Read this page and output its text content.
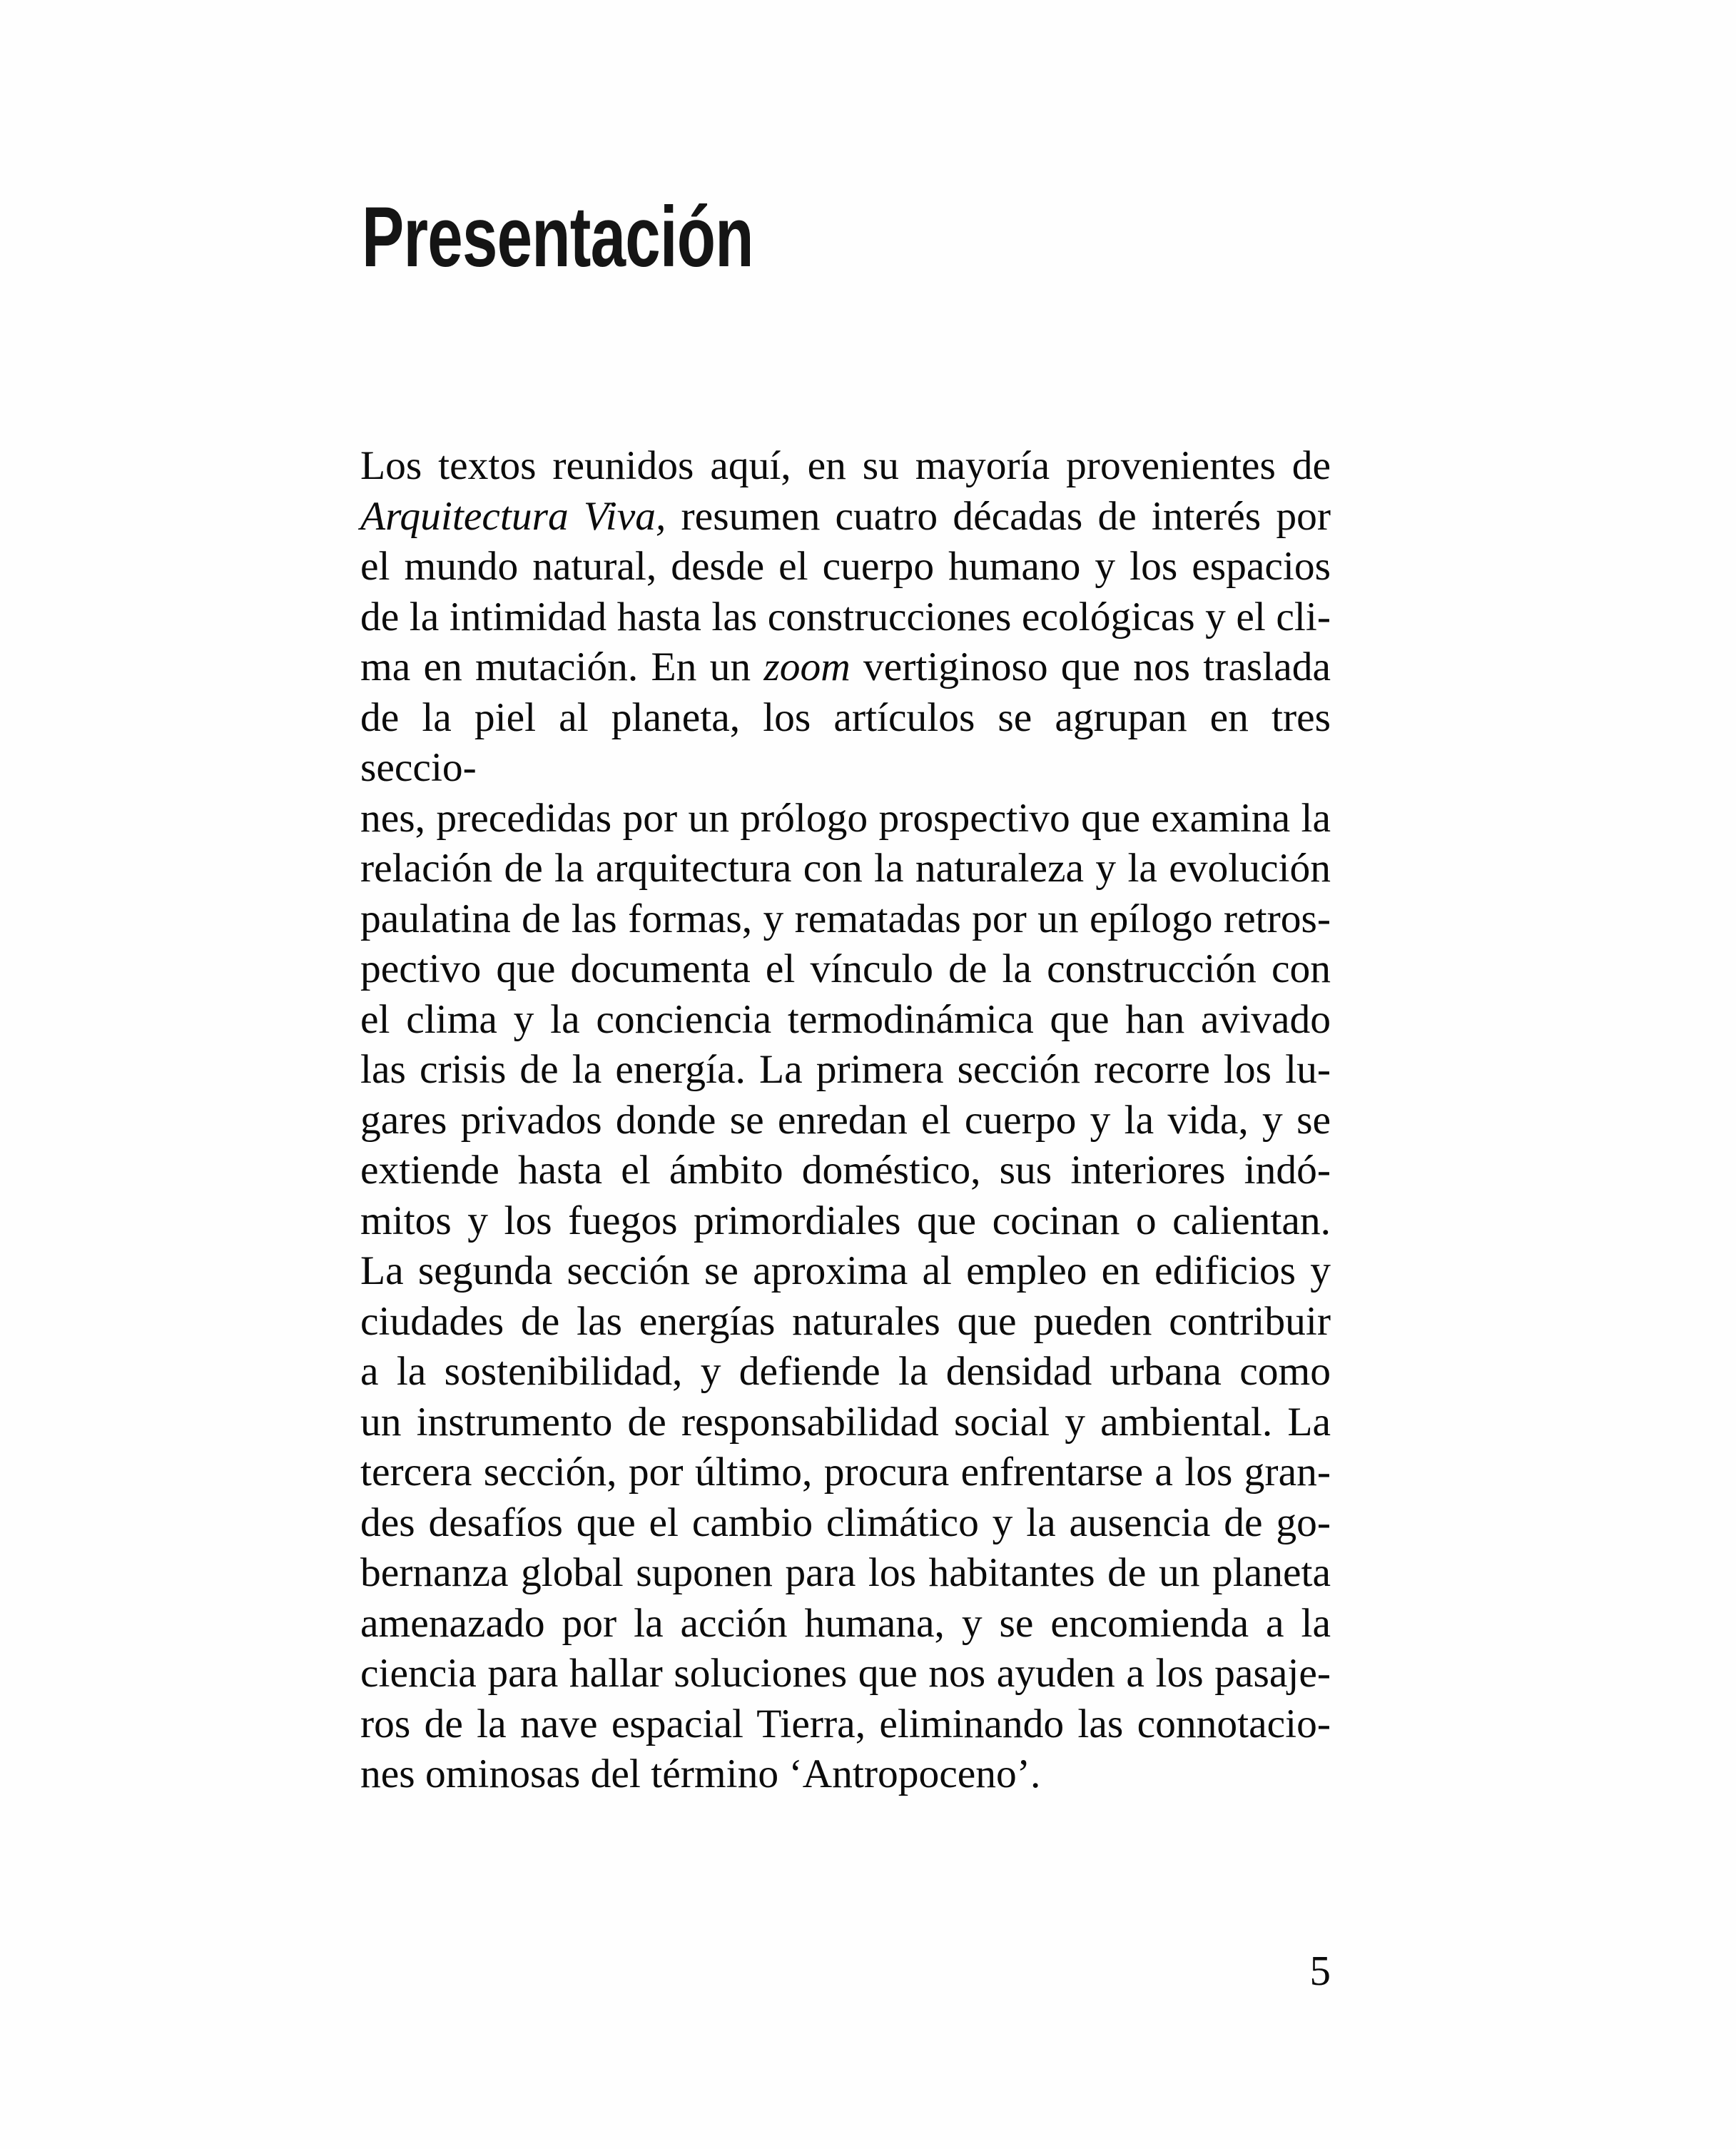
Presentación
Los textos reunidos aquí, en su mayoría provenientes de
Arquitectura Viva, resumen cuatro décadas de interés por
el mundo natural, desde el cuerpo humano y los espacios
de la intimidad hasta las construcciones ecológicas y el cli-
ma en mutación. En un zoom vertiginoso que nos traslada
de la piel al planeta, los artículos se agrupan en tres seccio-
nes, precedidas por un prólogo prospectivo que examina la
relación de la arquitectura con la naturaleza y la evolución
paulatina de las formas, y rematadas por un epílogo retros-
pectivo que documenta el vínculo de la construcción con
el clima y la conciencia termodinámica que han avivado
las crisis de la energía. La primera sección recorre los lu-
gares privados donde se enredan el cuerpo y la vida, y se
extiende hasta el ámbito doméstico, sus interiores indó-
mitos y los fuegos primordiales que cocinan o calientan.
La segunda sección se aproxima al empleo en edificios y
ciudades de las energías naturales que pueden contribuir
a la sostenibilidad, y defiende la densidad urbana como
un instrumento de responsabilidad social y ambiental. La
tercera sección, por último, procura enfrentarse a los gran-
des desafíos que el cambio climático y la ausencia de go-
bernanza global suponen para los habitantes de un planeta
amenazado por la acción humana, y se encomienda a la
ciencia para hallar soluciones que nos ayuden a los pasaje-
ros de la nave espacial Tierra, eliminando las connotacio-
nes ominosas del término ‘Antropoceno’.
5
